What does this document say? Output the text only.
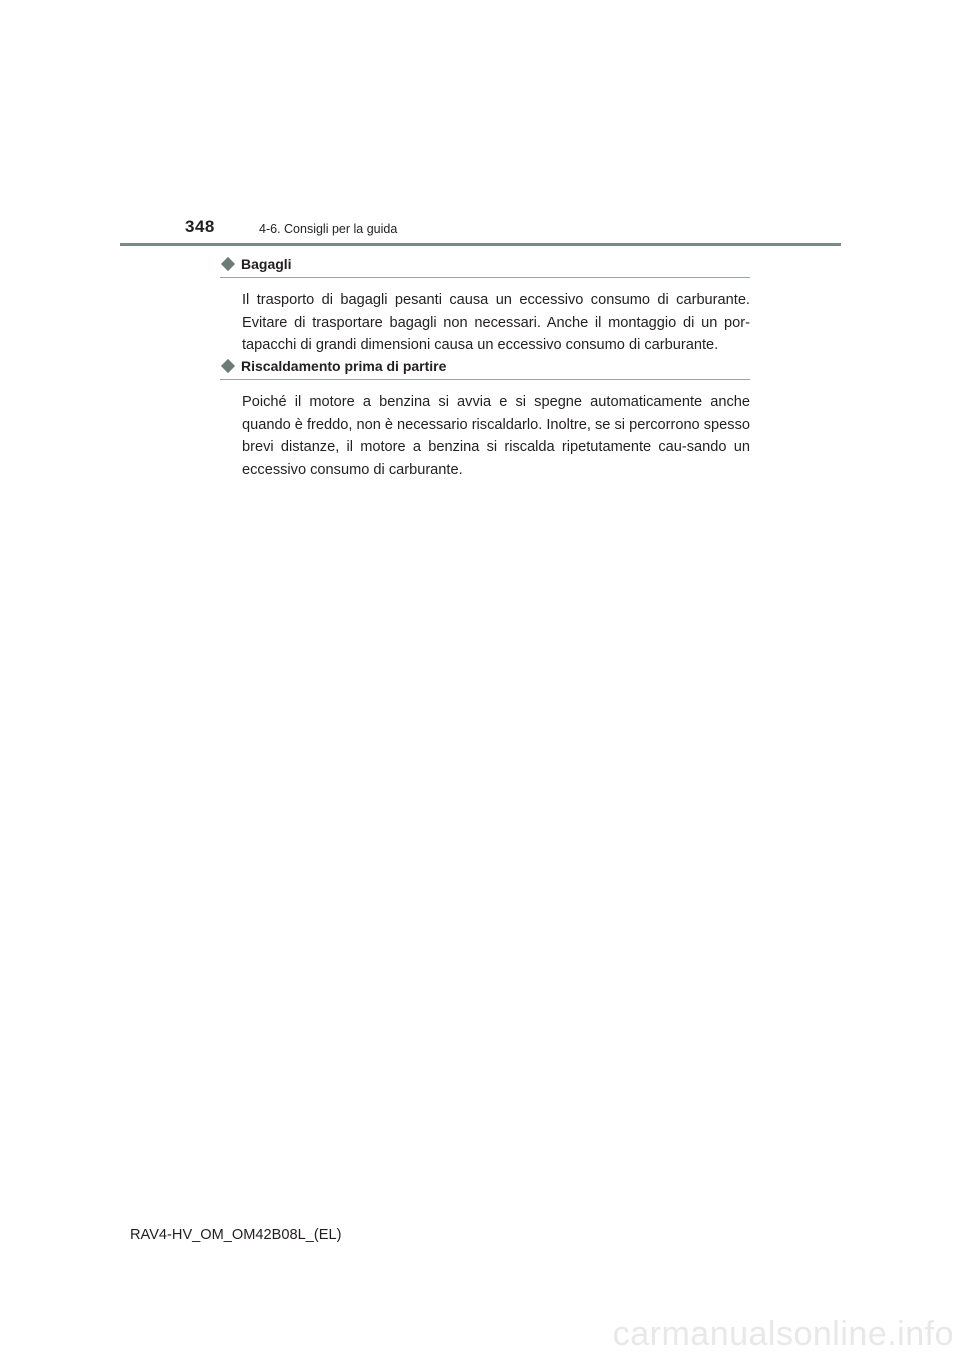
348	4-6. Consigli per la guida
Bagagli
Il trasporto di bagagli pesanti causa un eccessivo consumo di carburante. Evitare di trasportare bagagli non necessari. Anche il montaggio di un por-tapacchi di grandi dimensioni causa un eccessivo consumo di carburante.
Riscaldamento prima di partire
Poiché il motore a benzina si avvia e si spegne automaticamente anche quando è freddo, non è necessario riscaldarlo. Inoltre, se si percorrono spesso brevi distanze, il motore a benzina si riscalda ripetutamente cau-sando un eccessivo consumo di carburante.
RAV4-HV_OM_OM42B08L_(EL)
carmanualsonline.info
